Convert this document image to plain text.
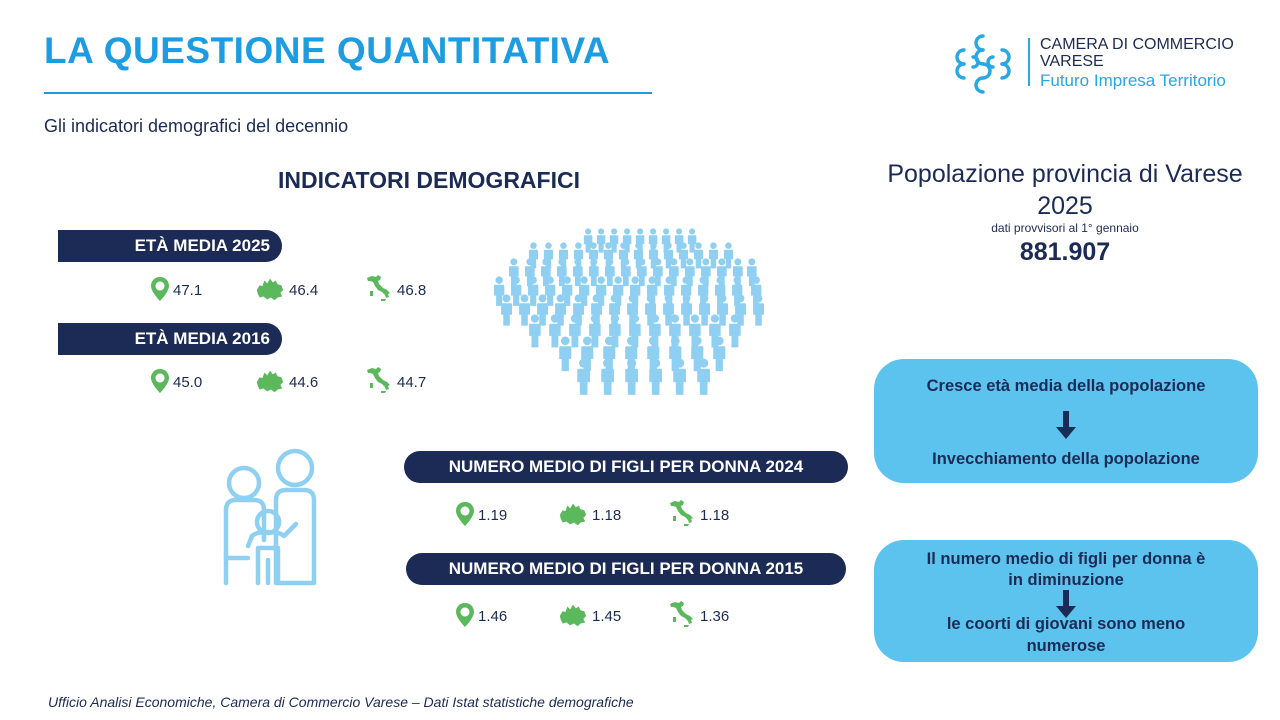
LA QUESTIONE QUANTITATIVA
Gli indicatori demografici del decennio
CAMERA DI COMMERCIO
VARESE
Futuro Impresa Territorio
INDICATORI DEMOGRAFICI
ETÀ MEDIA 2025
47.1	46.4	46.8
ETÀ MEDIA 2016
45.0	44.6	44.7
NUMERO MEDIO DI FIGLI PER DONNA 2024
1.19	1.18	1.18
NUMERO MEDIO DI FIGLI PER DONNA 2015
1.46	1.45	1.36
Popolazione provincia di Varese 2025
dati provvisori al 1° gennaio
881.907
Cresce età media della popolazione
Invecchiamento della popolazione
Il numero medio di figli per donna è
in diminuzione
le coorti di giovani sono meno
numerose
Ufficio Analisi Economiche, Camera di Commercio Varese – Dati Istat statistiche demografiche
